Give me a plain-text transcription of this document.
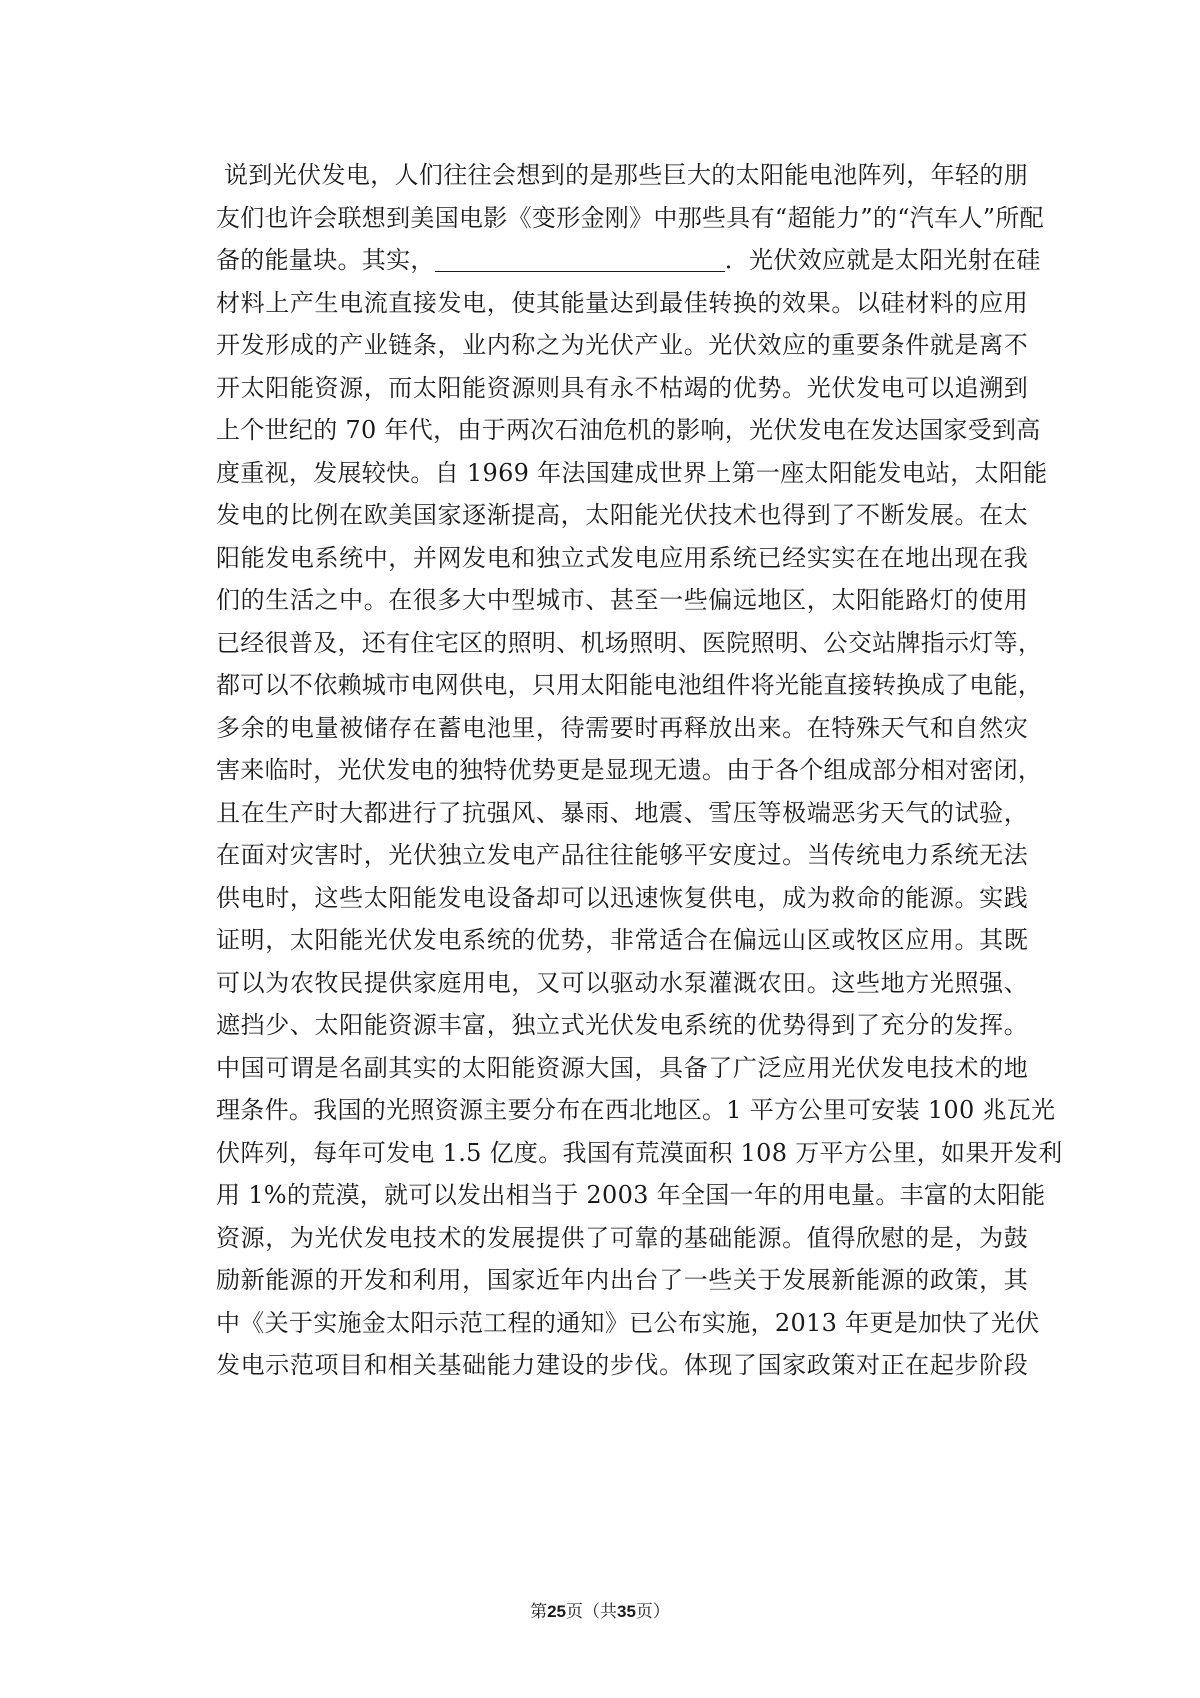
说到光伏发电，人们往往会想到的是那些巨大的太阳能电池阵列，年轻的朋
友们也许会联想到美国电影《变形金刚》中那些具有“超能力”的“汽车人”所配
备的能量块。其实，	．光伏效应就是太阳光射在硅
材料上产生电流直接发电，使其能量达到最佳转换的效果。以硅材料的应用
开发形成的产业链条，业内称之为光伏产业。光伏效应的重要条件就是离不
开太阳能资源，而太阳能资源则具有永不枯竭的优势。光伏发电可以追溯到
上个世纪的 70 年代，由于两次石油危机的影响，光伏发电在发达国家受到高
度重视，发展较快。自 1969 年法国建成世界上第一座太阳能发电站，太阳能
发电的比例在欧美国家逐渐提高，太阳能光伏技术也得到了不断发展。在太
阳能发电系统中，并网发电和独立式发电应用系统已经实实在在地出现在我
们的生活之中。在很多大中型城市、甚至一些偏远地区，太阳能路灯的使用
已经很普及，还有住宅区的照明、机场照明、医院照明、公交站牌指示灯等，
都可以不依赖城市电网供电，只用太阳能电池组件将光能直接转换成了电能，
多余的电量被储存在蓄电池里，待需要时再释放出来。在特殊天气和自然灾
害来临时，光伏发电的独特优势更是显现无遗。由于各个组成部分相对密闭，
且在生产时大都进行了抗强风、暴雨、地震、雪压等极端恶劣天气的试验，
在面对灾害时，光伏独立发电产品往往能够平安度过。当传统电力系统无法
供电时，这些太阳能发电设备却可以迅速恢复供电，成为救命的能源。实践
证明，太阳能光伏发电系统的优势，非常适合在偏远山区或牧区应用。其既
可以为农牧民提供家庭用电，又可以驱动水泵灌溉农田。这些地方光照强、
遮挡少、太阳能资源丰富，独立式光伏发电系统的优势得到了充分的发挥。
中国可谓是名副其实的太阳能资源大国，具备了广泛应用光伏发电技术的地
理条件。我国的光照资源主要分布在西北地区。1 平方公里可安装 100 兆瓦光
伏阵列，每年可发电 1.5 亿度。我国有荒漠面积 108 万平方公里，如果开发利
用 1%的荒漠，就可以发出相当于 2003 年全国一年的用电量。丰富的太阳能
资源，为光伏发电技术的发展提供了可靠的基础能源。值得欣慰的是，为鼓
励新能源的开发和利用，国家近年内出台了一些关于发展新能源的政策，其
中《关于实施金太阳示范工程的通知》已公布实施，2013 年更是加快了光伏
发电示范项目和相关基础能力建设的步伐。体现了国家政策对正在起步阶段
第25页（共35页）
